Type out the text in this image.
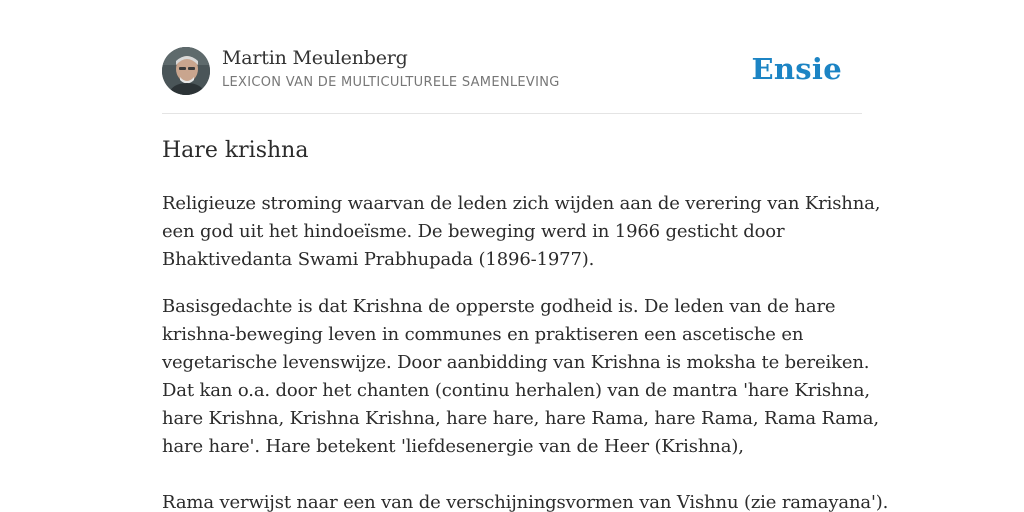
Martin Meulenberg
LEXICON VAN DE MULTICULTURELE SAMENLEVING	Ensie
Hare krishna

Religieuze stroming waarvan de leden zich wijden aan de verering van Krishna,
een god uit het hindoeïsme. De beweging werd in 1966 gesticht door
Bhaktivedanta Swami Prabhupada (1896-1977).

Basisgedachte is dat Krishna de opperste godheid is. De leden van de hare
krishna-beweging leven in communes en praktiseren een ascetische en
vegetarische levenswijze. Door aanbidding van Krishna is moksha te bereiken.
Dat kan o.a. door het chanten (continu herhalen) van de mantra 'hare Krishna,
hare Krishna, Krishna Krishna, hare hare, hare Rama, hare Rama, Rama Rama,
hare hare'. Hare betekent 'liefdesenergie van de Heer (Krishna),

Rama verwijst naar een van de verschijningsvormen van Vishnu (zie ramayana').
